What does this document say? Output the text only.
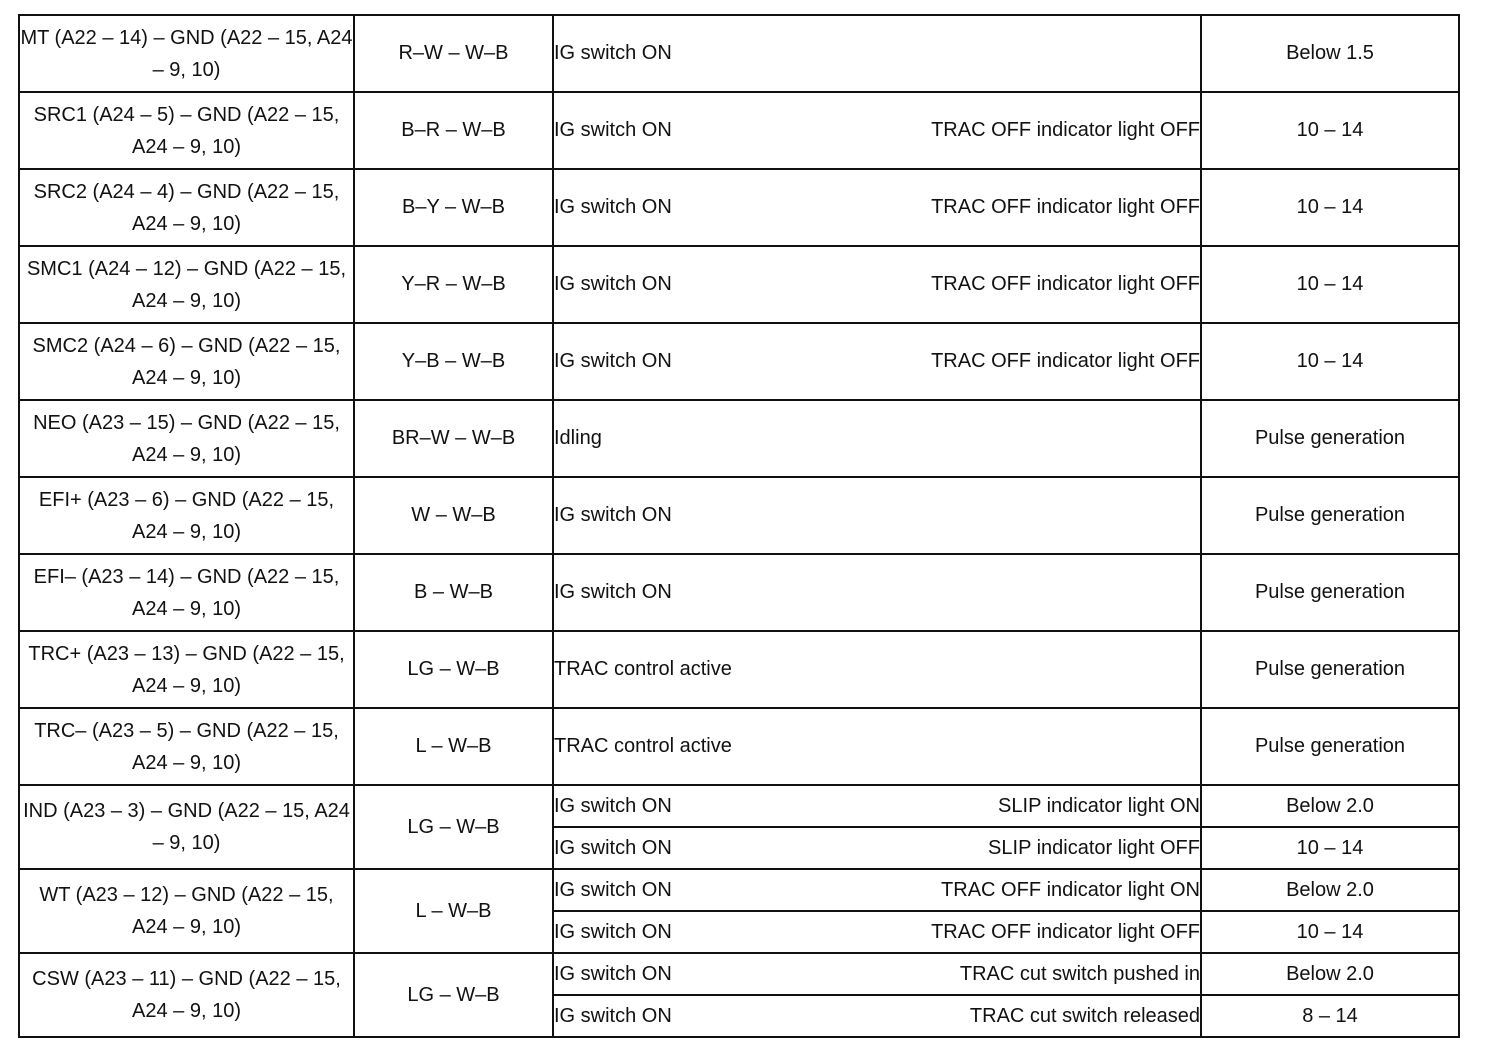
MT (A22 – 14) – GND (A22 – 15, A24 – 9, 10)	R–W – W–B	IG switch ON	Below 1.5
SRC1 (A24 – 5) – GND (A22 – 15, A24 – 9, 10)	B–R – W–B	IG switch ON TRAC OFF indicator light OFF	10 – 14
SRC2 (A24 – 4) – GND (A22 – 15, A24 – 9, 10)	B–Y – W–B	IG switch ON TRAC OFF indicator light OFF	10 – 14
SMC1 (A24 – 12) – GND (A22 – 15, A24 – 9, 10)	Y–R – W–B	IG switch ON TRAC OFF indicator light OFF	10 – 14
SMC2 (A24 – 6) – GND (A22 – 15, A24 – 9, 10)	Y–B – W–B	IG switch ON TRAC OFF indicator light OFF	10 – 14
NEO (A23 – 15) – GND (A22 – 15, A24 – 9, 10)	BR–W – W–B	Idling	Pulse generation
EFI+ (A23 – 6) – GND (A22 – 15, A24 – 9, 10)	W – W–B	IG switch ON	Pulse generation
EFI– (A23 – 14) – GND (A22 – 15, A24 – 9, 10)	B – W–B	IG switch ON	Pulse generation
TRC+ (A23 – 13) – GND (A22 – 15, A24 – 9, 10)	LG – W–B	TRAC control active	Pulse generation
TRC– (A23 – 5) – GND (A22 – 15, A24 – 9, 10)	L – W–B	TRAC control active	Pulse generation
IND (A23 – 3) – GND (A22 – 15, A24 – 9, 10)	LG – W–B	IG switch ON SLIP indicator light ON	Below 2.0

		IG switch ON SLIP indicator light OFF	10 – 14
WT (A23 – 12) – GND (A22 – 15, A24 – 9, 10)	L – W–B	IG switch ON TRAC OFF indicator light ON	Below 2.0

		IG switch ON TRAC OFF indicator light OFF	10 – 14
CSW (A23 – 11) – GND (A22 – 15, A24 – 9, 10)	LG – W–B	IG switch ON TRAC cut switch pushed in	Below 2.0

		IG switch ON TRAC cut switch released	8 – 14
